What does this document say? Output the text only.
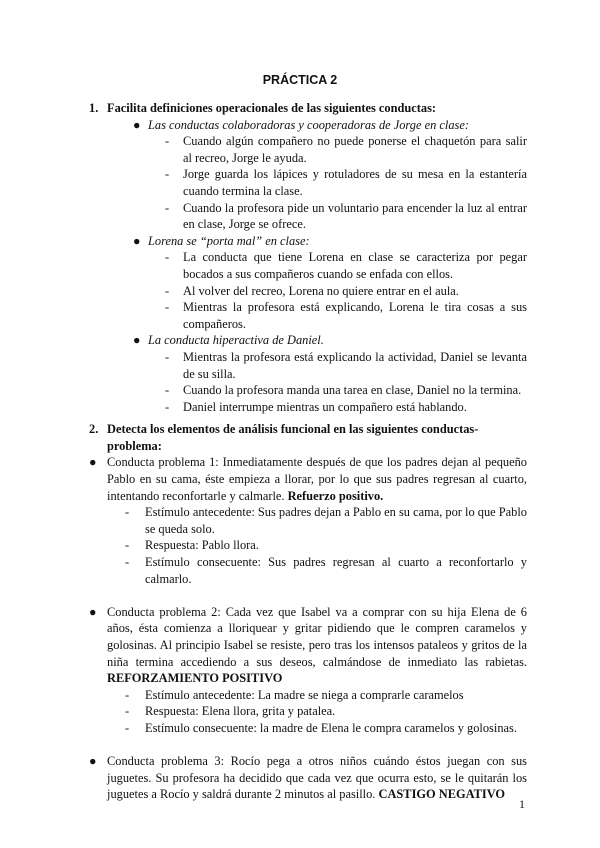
PRÁCTICA 2
1. Facilita definiciones operacionales de las siguientes conductas:
● Las conductas colaboradoras y cooperadoras de Jorge en clase:
-	Cuando algún compañero no puede ponerse el chaquetón para salir al recreo, Jorge le ayuda.
-	Jorge guarda los lápices y rotuladores de su mesa en la estantería cuando termina la clase.
-	Cuando la profesora pide un voluntario para encender la luz al entrar en clase, Jorge se ofrece.
● Lorena se “porta mal” en clase:
-	La conducta que tiene Lorena en clase se caracteriza por pegar bocados a sus compañeros cuando se enfada con ellos.
-	Al volver del recreo, Lorena no quiere entrar en el aula.
-	Mientras la profesora está explicando, Lorena le tira cosas a sus compañeros.
● La conducta hiperactiva de Daniel.
-	Mientras la profesora está explicando la actividad, Daniel se levanta de su silla.
-	Cuando la profesora manda una tarea en clase, Daniel no la termina.
-	Daniel interrumpe mientras un compañero está hablando.
2. Detecta los elementos de análisis funcional en las siguientes conductas-problema:
● Conducta problema 1: Inmediatamente después de que los padres dejan al pequeño Pablo en su cama, éste empieza a llorar, por lo que sus padres regresan al cuarto, intentando reconfortarle y calmarle. Refuerzo positivo.
-	Estímulo antecedente: Sus padres dejan a Pablo en su cama, por lo que Pablo se queda solo.
-	Respuesta: Pablo llora.
-	Estímulo consecuente: Sus padres regresan al cuarto a reconfortarlo y calmarlo.
● Conducta problema 2: Cada vez que Isabel va a comprar con su hija Elena de 6 años, ésta comienza a lloriquear y gritar pidiendo que le compren caramelos y golosinas. Al principio Isabel se resiste, pero tras los intensos pataleos y gritos de la niña termina accediendo a sus deseos, calmándose de inmediato las rabietas. REFORZAMIENTO POSITIVO
-	Estímulo antecedente: La madre se niega a comprarle caramelos
-	Respuesta: Elena llora, grita y patalea.
-	Estímulo consecuente: la madre de Elena le compra caramelos y golosinas.
● Conducta problema 3: Rocío pega a otros niños cuándo éstos juegan con sus juguetes. Su profesora ha decidido que cada vez que ocurra esto, se le quitarán los juguetes a Rocío y saldrá durante 2 minutos al pasillo. CASTIGO NEGATIVO
1
